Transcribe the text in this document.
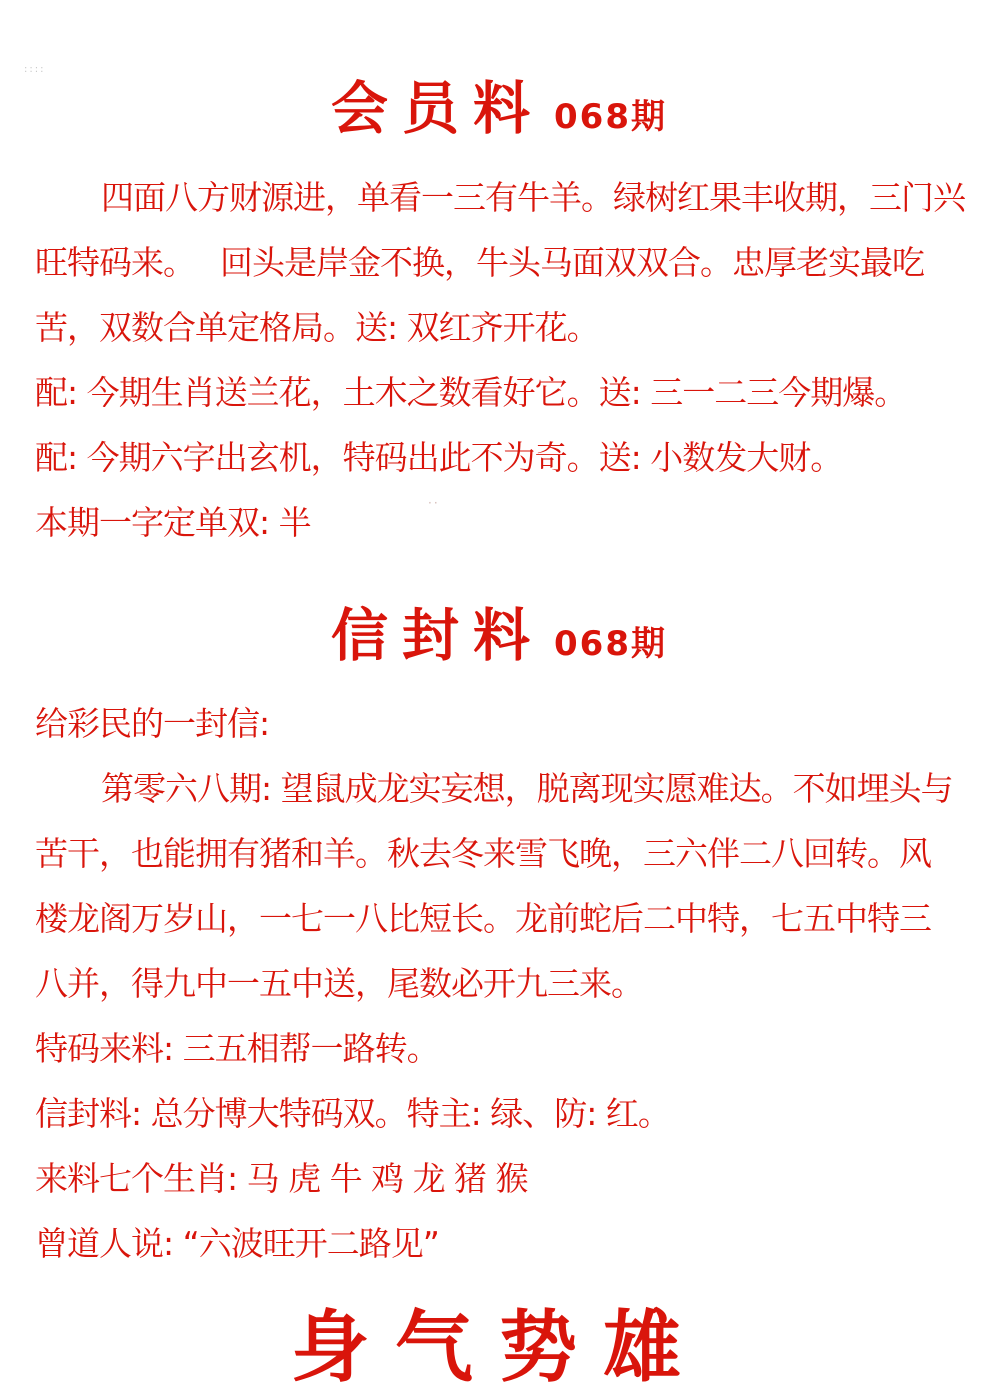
::::
··
会员料 068期
四面八方财源进，单看一三有牛羊。绿树红果丰收期，三门兴
旺特码来。　 回头是岸金不换，牛头马面双双合。忠厚老实最吃
苦，双数合单定格局。送: 双红齐开花。
配: 今期生肖送兰花，土木之数看好它。送: 三一二三今期爆。
配: 今期六字出玄机，特码出此不为奇。送: 小数发大财。
本期一字定单双: 半
信封料 068期
给彩民的一封信:
第零六八期: 望鼠成龙实妄想，脱离现实愿难达。不如埋头与
苦干，也能拥有猪和羊。秋去冬来雪飞晚，三六伴二八回转。风
楼龙阁万岁山，一七一八比短长。龙前蛇后二中特，七五中特三
八并，得九中一五中送，尾数必开九三来。
特码来料: 三五相帮一路转。
信封料: 总分博大特码双。特主: 绿、防: 红。
来料七个生肖: 马 虎 牛 鸡 龙 猪 猴
曾道人说: “六波旺开二路见”
身气势雄
